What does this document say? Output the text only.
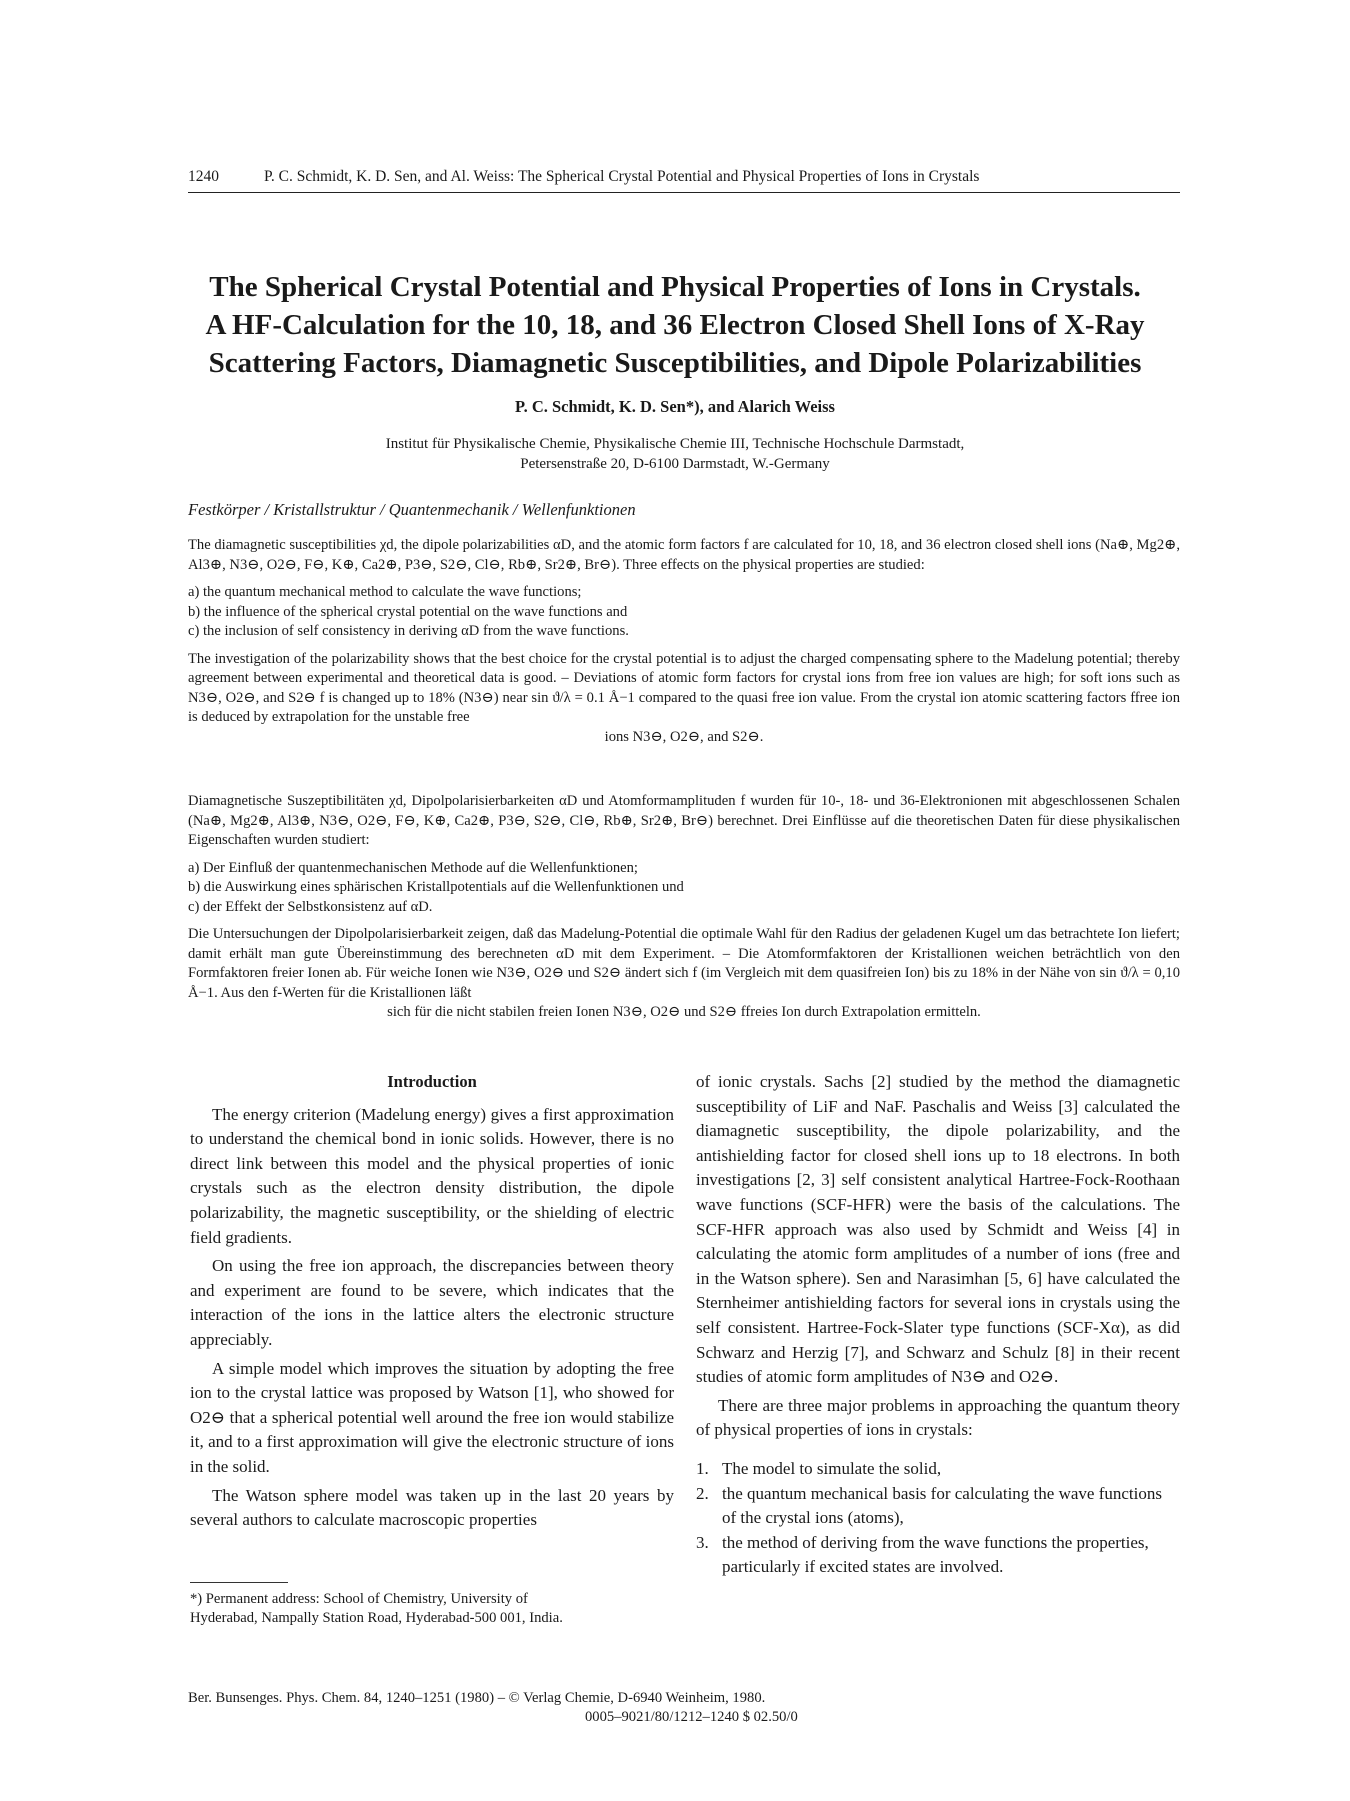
1240	P. C. Schmidt, K. D. Sen, and Al. Weiss: The Spherical Crystal Potential and Physical Properties of Ions in Crystals
The Spherical Crystal Potential and Physical Properties of Ions in Crystals.
A HF-Calculation for the 10, 18, and 36 Electron Closed Shell Ions of X-Ray
Scattering Factors, Diamagnetic Susceptibilities, and Dipole Polarizabilities
P. C. Schmidt, K. D. Sen*), and Alarich Weiss
Institut für Physikalische Chemie, Physikalische Chemie III, Technische Hochschule Darmstadt,
Petersenstraße 20, D-6100 Darmstadt, W.-Germany
Festkörper / Kristallstruktur / Quantenmechanik / Wellenfunktionen

The diamagnetic susceptibilities χd, the dipole polarizabilities αD, and the atomic form factors f are calculated for 10, 18, and 36 electron closed shell ions (Na⊕, Mg2⊕, Al3⊕, N3⊖, O2⊖, F⊖, K⊕, Ca2⊕, P3⊖, S2⊖, Cl⊖, Rb⊕, Sr2⊕, Br⊖). Three effects on the physical properties are studied:

a) the quantum mechanical method to calculate the wave functions;
b) the influence of the spherical crystal potential on the wave functions and
c) the inclusion of self consistency in deriving αD from the wave functions.

The investigation of the polarizability shows that the best choice for the crystal potential is to adjust the charged compensating sphere to the Madelung potential; thereby agreement between experimental and theoretical data is good. – Deviations of atomic form factors for crystal ions from free ion values are high; for soft ions such as N3⊖, O2⊖, and S2⊖ f is changed up to 18% (N3⊖) near sin ϑ/λ = 0.1 Å−1 compared to the quasi free ion value. From the crystal ion atomic scattering factors ffree ion is deduced by extrapolation for the unstable free

ions N3⊖, O2⊖, and S2⊖.

Diamagnetische Suszeptibilitäten χd, Dipolpolarisierbarkeiten αD und Atomformamplituden f wurden für 10-, 18- und 36-Elektronionen mit abgeschlossenen Schalen (Na⊕, Mg2⊕, Al3⊕, N3⊖, O2⊖, F⊖, K⊕, Ca2⊕, P3⊖, S2⊖, Cl⊖, Rb⊕, Sr2⊕, Br⊖) berechnet. Drei Einflüsse auf die theoretischen Daten für diese physikalischen Eigenschaften wurden studiert:

a) Der Einfluß der quantenmechanischen Methode auf die Wellenfunktionen;
b) die Auswirkung eines sphärischen Kristallpotentials auf die Wellenfunktionen und
c) der Effekt der Selbstkonsistenz auf αD.

Die Untersuchungen der Dipolpolarisierbarkeit zeigen, daß das Madelung-Potential die optimale Wahl für den Radius der geladenen Kugel um das betrachtete Ion liefert; damit erhält man gute Übereinstimmung des berechneten αD mit dem Experiment. – Die Atomformfaktoren der Kristallionen weichen beträchtlich von den Formfaktoren freier Ionen ab. Für weiche Ionen wie N3⊖, O2⊖ und S2⊖ ändert sich f (im Vergleich mit dem quasifreien Ion) bis zu 18% in der Nähe von sin ϑ/λ = 0,10 Å−1. Aus den f-Werten für die Kristallionen läßt

sich für die nicht stabilen freien Ionen N3⊖, O2⊖ und S2⊖ ffreies Ion durch Extrapolation ermitteln.

Introduction

The energy criterion (Madelung energy) gives a first approximation to understand the chemical bond in ionic solids. However, there is no direct link between this model and the physical properties of ionic crystals such as the electron density distribution, the dipole polarizability, the magnetic susceptibility, or the shielding of electric field gradients.

On using the free ion approach, the discrepancies between theory and experiment are found to be severe, which indicates that the interaction of the ions in the lattice alters the electronic structure appreciably.

A simple model which improves the situation by adopting the free ion to the crystal lattice was proposed by Watson [1], who showed for O2⊖ that a spherical potential well around the free ion would stabilize it, and to a first approximation will give the electronic structure of ions in the solid.

The Watson sphere model was taken up in the last 20 years by several authors to calculate macroscopic properties

*) Permanent address: School of Chemistry, University of
Hyderabad, Nampally Station Road, Hyderabad-500 001, India.

of ionic crystals. Sachs [2] studied by the method the diamagnetic susceptibility of LiF and NaF. Paschalis and Weiss [3] calculated the diamagnetic susceptibility, the dipole polarizability, and the antishielding factor for closed shell ions up to 18 electrons. In both investigations [2, 3] self consistent analytical Hartree-Fock-Roothaan wave functions (SCF-HFR) were the basis of the calculations. The SCF-HFR approach was also used by Schmidt and Weiss [4] in calculating the atomic form amplitudes of a number of ions (free and in the Watson sphere). Sen and Narasimhan [5, 6] have calculated the Sternheimer antishielding factors for several ions in crystals using the self consistent. Hartree-Fock-Slater type functions (SCF-Xα), as did Schwarz and Herzig [7], and Schwarz and Schulz [8] in their recent studies of atomic form amplitudes of N3⊖ and O2⊖.

There are three major problems in approaching the quantum theory of physical properties of ions in crystals:

1. The model to simulate the solid,
2. the quantum mechanical basis for calculating the wave functions of the crystal ions (atoms),
3. the method of deriving from the wave functions the properties, particularly if excited states are involved.
Ber. Bunsenges. Phys. Chem. 84, 1240–1251 (1980) – © Verlag Chemie, D-6940 Weinheim, 1980.
0005–9021/80/1212–1240 $ 02.50/0
